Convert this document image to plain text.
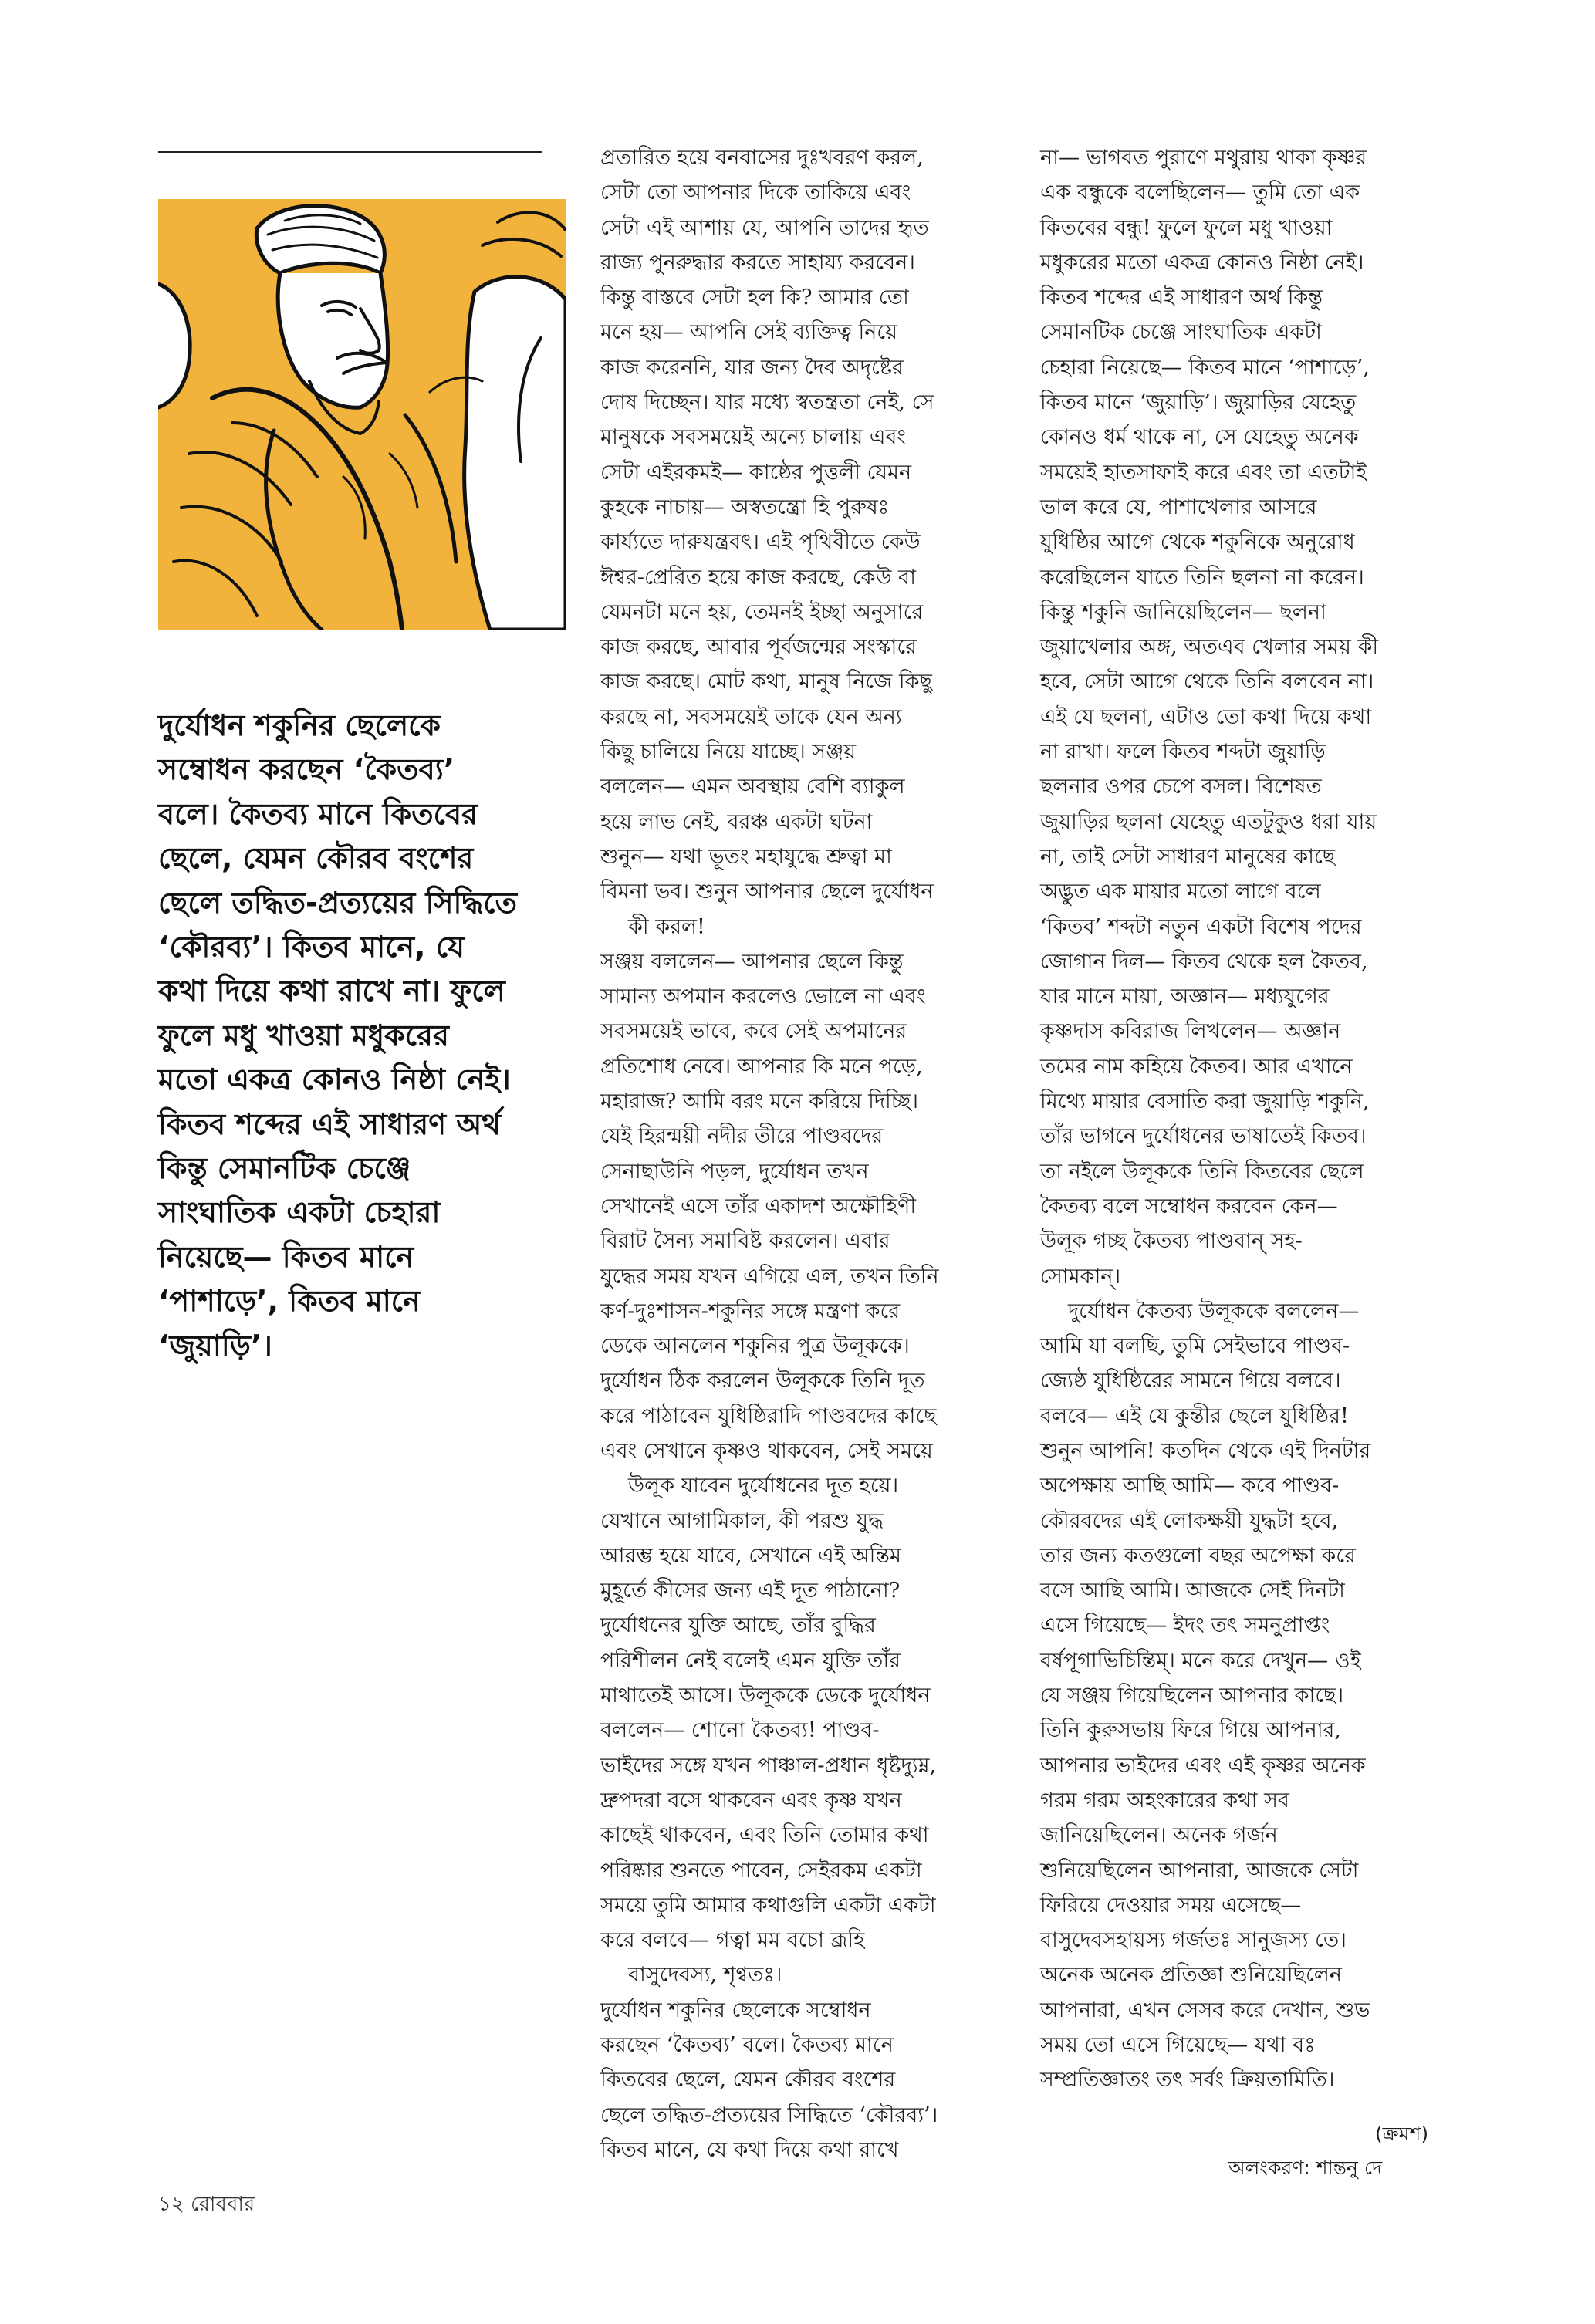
দুর্যোধন শকুনির ছেলেকে
সম্বোধন করছেন ‘কৈতব্য’
বলে। কৈতব্য মানে কিতবের
ছেলে, যেমন কৌরব বংশের
ছেলে তদ্ধিত-প্রত্যয়ের সিদ্ধিতে
‘কৌরব্য’। কিতব মানে, যে
কথা দিয়ে কথা রাখে না। ফুলে
ফুলে মধু খাওয়া মধুকরের
মতো একত্র কোনও নিষ্ঠা নেই।
কিতব শব্দের এই সাধারণ অর্থ
কিন্তু সেমানটিক চেঞ্জে
সাংঘাতিক একটা চেহারা
নিয়েছে— কিতব মানে
‘পাশাড়ে’, কিতব মানে
‘জুয়াড়ি’।
প্রতারিত হয়ে বনবাসের দুঃখবরণ করল,
সেটা তো আপনার দিকে তাকিয়ে এবং
সেটা এই আশায় যে, আপনি তাদের হৃত
রাজ্য পুনরুদ্ধার করতে সাহায্য করবেন।
কিন্তু বাস্তবে সেটা হল কি? আমার তো
মনে হয়— আপনি সেই ব্যক্তিত্ব নিয়ে
কাজ করেননি, যার জন্য দৈব অদৃষ্টের
দোষ দিচ্ছেন। যার মধ্যে স্বতন্ত্রতা নেই, সে
মানুষকে সবসময়েই অন্যে চালায় এবং
সেটা এইরকমই— কাষ্ঠের পুত্তলী যেমন
কুহকে নাচায়— অস্বতন্ত্রো হি পুরুষঃ
কার্য্যতে দারুযন্ত্রবৎ। এই পৃথিবীতে কেউ
ঈশ্বর-প্রেরিত হয়ে কাজ করছে, কেউ বা
যেমনটা মনে হয়, তেমনই ইচ্ছা অনুসারে
কাজ করছে, আবার পূর্বজন্মের সংস্কারে
কাজ করছে। মোট কথা, মানুষ নিজে কিছু
করছে না, সবসময়েই তাকে যেন অন্য
কিছু চালিয়ে নিয়ে যাচ্ছে। সঞ্জয়
বললেন— এমন অবস্থায় বেশি ব্যাকুল
হয়ে লাভ নেই, বরঞ্চ একটা ঘটনা
শুনুন— যথা ভূতং মহাযুদ্ধে শ্রুত্বা মা
বিমনা ভব। শুনুন আপনার ছেলে দুর্যোধন
কী করল!
সঞ্জয় বললেন— আপনার ছেলে কিন্তু
সামান্য অপমান করলেও ভোলে না এবং
সবসময়েই ভাবে, কবে সেই অপমানের
প্রতিশোধ নেবে। আপনার কি মনে পড়ে,
মহারাজ? আমি বরং মনে করিয়ে দিচ্ছি।
যেই হিরন্ময়ী নদীর তীরে পাণ্ডবদের
সেনাছাউনি পড়ল, দুর্যোধন তখন
সেখানেই এসে তাঁর একাদশ অক্ষৌহিণী
বিরাট সৈন্য সমাবিষ্ট করলেন। এবার
যুদ্ধের সময় যখন এগিয়ে এল, তখন তিনি
কর্ণ-দুঃশাসন-শকুনির সঙ্গে মন্ত্রণা করে
ডেকে আনলেন শকুনির পুত্র উলূককে।
দুর্যোধন ঠিক করলেন উলূককে তিনি দূত
করে পাঠাবেন যুধিষ্ঠিরাদি পাণ্ডবদের কাছে
এবং সেখানে কৃষ্ণও থাকবেন, সেই সময়ে
উলূক যাবেন দুর্যোধনের দূত হয়ে।
যেখানে আগামিকাল, কী পরশু যুদ্ধ
আরম্ভ হয়ে যাবে, সেখানে এই অন্তিম
মুহূর্তে কীসের জন্য এই দূত পাঠানো?
দুর্যোধনের যুক্তি আছে, তাঁর বুদ্ধির
পরিশীলন নেই বলেই এমন যুক্তি তাঁর
মাথাতেই আসে। উলূককে ডেকে দুর্যোধন
বললেন— শোনো কৈতব্য! পাণ্ডব-
ভাইদের সঙ্গে যখন পাঞ্চাল-প্রধান ধৃষ্টদ্যুম্ন,
দ্রুপদরা বসে থাকবেন এবং কৃষ্ণ যখন
কাছেই থাকবেন, এবং তিনি তোমার কথা
পরিষ্কার শুনতে পাবেন, সেইরকম একটা
সময়ে তুমি আমার কথাগুলি একটা একটা
করে বলবে— গত্বা মম বচো ব্রূহি
বাসুদেবস্য, শৃণ্বতঃ।
দুর্যোধন শকুনির ছেলেকে সম্বোধন
করছেন ‘কৈতব্য’ বলে। কৈতব্য মানে
কিতবের ছেলে, যেমন কৌরব বংশের
ছেলে তদ্ধিত-প্রত্যয়ের সিদ্ধিতে ‘কৌরব্য’।
কিতব মানে, যে কথা দিয়ে কথা রাখে
না— ভাগবত পুরাণে মথুরায় থাকা কৃষ্ণর
এক বন্ধুকে বলেছিলেন— তুমি তো এক
কিতবের বন্ধু! ফুলে ফুলে মধু খাওয়া
মধুকরের মতো একত্র কোনও নিষ্ঠা নেই।
কিতব শব্দের এই সাধারণ অর্থ কিন্তু
সেমানটিক চেঞ্জে সাংঘাতিক একটা
চেহারা নিয়েছে— কিতব মানে ‘পাশাড়ে’,
কিতব মানে ‘জুয়াড়ি’। জুয়াড়ির যেহেতু
কোনও ধর্ম থাকে না, সে যেহেতু অনেক
সময়েই হাতসাফাই করে এবং তা এতটাই
ভাল করে যে, পাশাখেলার আসরে
যুধিষ্ঠির আগে থেকে শকুনিকে অনুরোধ
করেছিলেন যাতে তিনি ছলনা না করেন।
কিন্তু শকুনি জানিয়েছিলেন— ছলনা
জুয়াখেলার অঙ্গ, অতএব খেলার সময় কী
হবে, সেটা আগে থেকে তিনি বলবেন না।
এই যে ছলনা, এটাও তো কথা দিয়ে কথা
না রাখা। ফলে কিতব শব্দটা জুয়াড়ি
ছলনার ওপর চেপে বসল। বিশেষত
জুয়াড়ির ছলনা যেহেতু এতটুকুও ধরা যায়
না, তাই সেটা সাধারণ মানুষের কাছে
অদ্ভুত এক মায়ার মতো লাগে বলে
‘কিতব’ শব্দটা নতুন একটা বিশেষ পদের
জোগান দিল— কিতব থেকে হল কৈতব,
যার মানে মায়া, অজ্ঞান— মধ্যযুগের
কৃষ্ণদাস কবিরাজ লিখলেন— অজ্ঞান
তমের নাম কহিয়ে কৈতব। আর এখানে
মিথ্যে মায়ার বেসাতি করা জুয়াড়ি শকুনি,
তাঁর ভাগনে দুর্যোধনের ভাষাতেই কিতব।
তা নইলে উলূককে তিনি কিতবের ছেলে
কৈতব্য বলে সম্বোধন করবেন কেন—
উলূক গচ্ছ কৈতব্য পাণ্ডবান্ সহ-
সোমকান্।
দুর্যোধন কৈতব্য উলূককে বললেন—
আমি যা বলছি, তুমি সেইভাবে পাণ্ডব-
জ্যেষ্ঠ যুধিষ্ঠিরের সামনে গিয়ে বলবে।
বলবে— এই যে কুন্তীর ছেলে যুধিষ্ঠির!
শুনুন আপনি! কতদিন থেকে এই দিনটার
অপেক্ষায় আছি আমি— কবে পাণ্ডব-
কৌরবদের এই লোকক্ষয়ী যুদ্ধটা হবে,
তার জন্য কতগুলো বছর অপেক্ষা করে
বসে আছি আমি। আজকে সেই দিনটা
এসে গিয়েছে— ইদং তৎ সমনুপ্রাপ্তং
বর্ষপূগাভিচিন্তিম্। মনে করে দেখুন— ওই
যে সঞ্জয় গিয়েছিলেন আপনার কাছে।
তিনি কুরুসভায় ফিরে গিয়ে আপনার,
আপনার ভাইদের এবং এই কৃষ্ণর অনেক
গরম গরম অহংকারের কথা সব
জানিয়েছিলেন। অনেক গর্জন
শুনিয়েছিলেন আপনারা, আজকে সেটা
ফিরিয়ে দেওয়ার সময় এসেছে—
বাসুদেবসহায়স্য গর্জতঃ সানুজস্য তে।
অনেক অনেক প্রতিজ্ঞা শুনিয়েছিলেন
আপনারা, এখন সেসব করে দেখান, শুভ
সময় তো এসে গিয়েছে— যথা বঃ
সম্প্রতিজ্ঞাতং তৎ সর্বং ক্রিয়তামিতি।
(ক্রমশ)
অলংকরণ: শান্তনু দে
১২ রোববার
